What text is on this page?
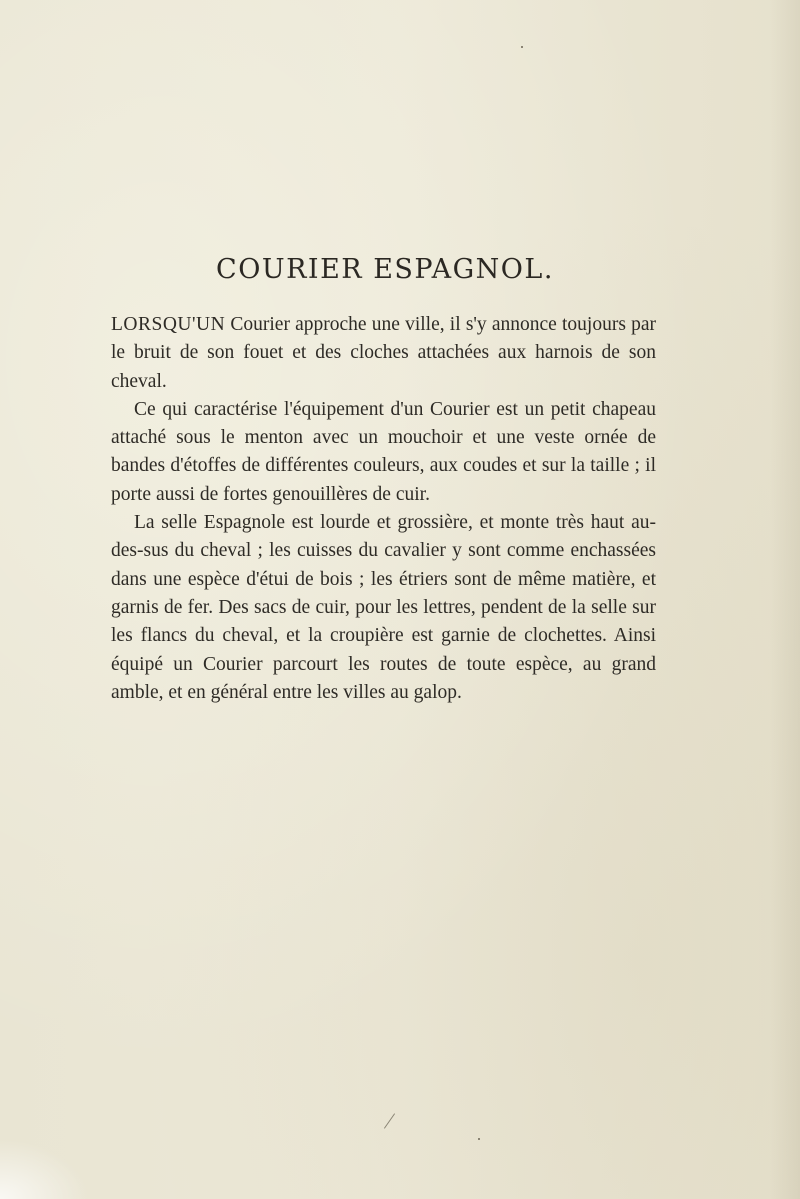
COURIER ESPAGNOL.

LORSQU'UN Courier approche une ville, il s'y annonce toujours par le bruit de son fouet et des cloches attachées aux harnois de son cheval.

Ce qui caractérise l'équipement d'un Courier est un petit chapeau attaché sous le menton avec un mouchoir et une veste ornée de bandes d'étoffes de différentes couleurs, aux coudes et sur la taille ; il porte aussi de fortes genouillères de cuir.

La selle Espagnole est lourde et grossière, et monte très haut au-des-sus du cheval ; les cuisses du cavalier y sont comme enchassées dans une espèce d'étui de bois ; les étriers sont de même matière, et garnis de fer. Des sacs de cuir, pour les lettres, pendent de la selle sur les flancs du cheval, et la croupière est garnie de clochettes. Ainsi équipé un Courier parcourt les routes de toute espèce, au grand amble, et en général entre les villes au galop.
